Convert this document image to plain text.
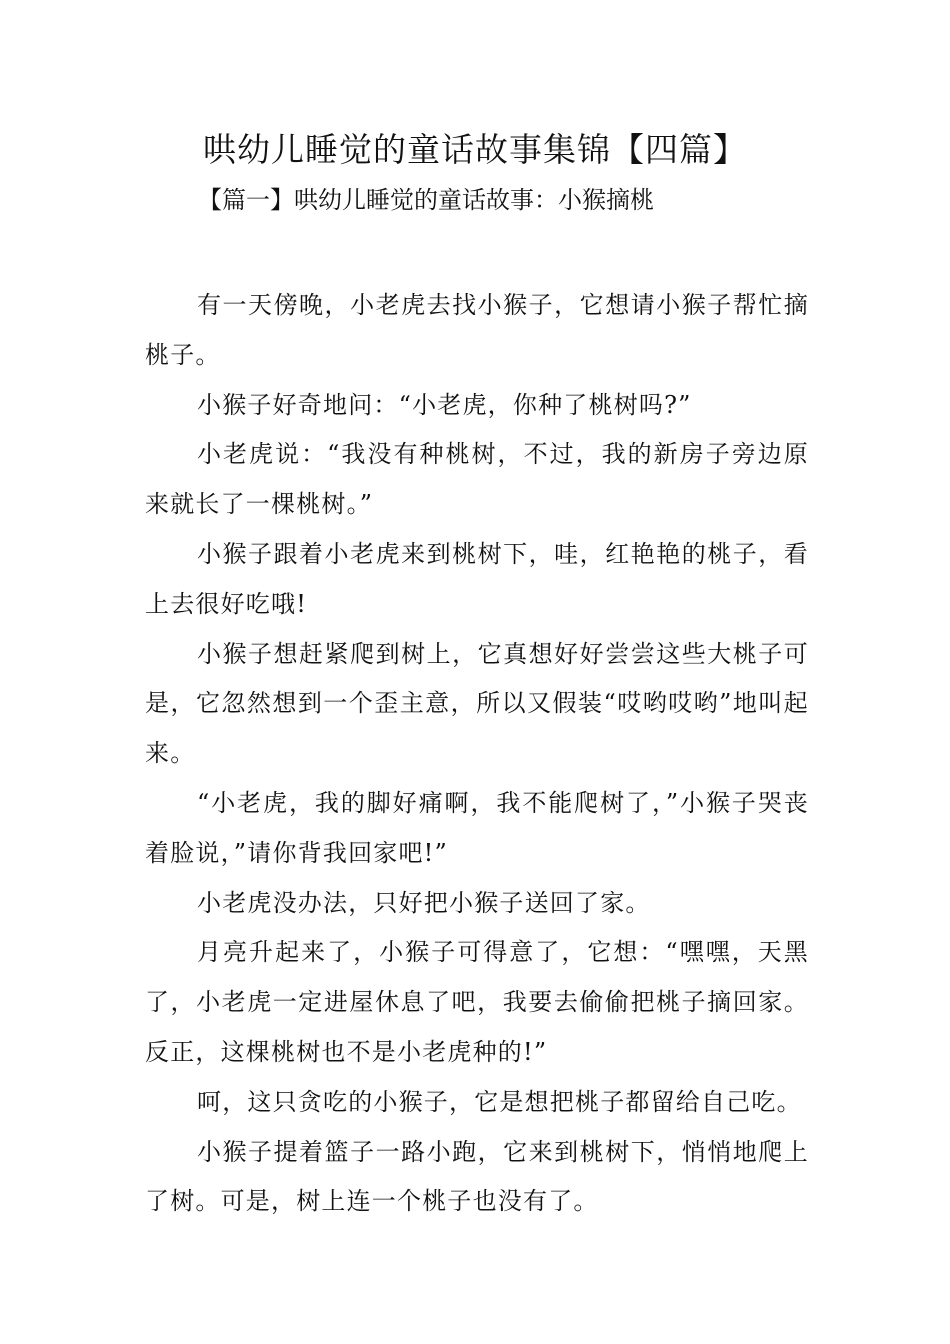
哄幼儿睡觉的童话故事集锦【四篇】
【篇一】哄幼儿睡觉的童话故事：小猴摘桃

有一天傍晚，小老虎去找小猴子，它想请小猴子帮忙摘桃子。

小猴子好奇地问：“小老虎，你种了桃树吗?”

小老虎说：“我没有种桃树，不过，我的新房子旁边原来就长了一棵桃树。”

小猴子跟着小老虎来到桃树下，哇，红艳艳的桃子，看上去很好吃哦!

小猴子想赶紧爬到树上，它真想好好尝尝这些大桃子可是，它忽然想到一个歪主意，所以又假装“哎哟哎哟”地叫起来。

“小老虎，我的脚好痛啊，我不能爬树了，”小猴子哭丧着脸说，”请你背我回家吧!”

小老虎没办法，只好把小猴子送回了家。

月亮升起来了，小猴子可得意了，它想：“嘿嘿，天黑了，小老虎一定进屋休息了吧，我要去偷偷把桃子摘回家。反正，这棵桃树也不是小老虎种的!”

呵，这只贪吃的小猴子，它是想把桃子都留给自己吃。

小猴子提着篮子一路小跑，它来到桃树下，悄悄地爬上了树。可是，树上连一个桃子也没有了。
